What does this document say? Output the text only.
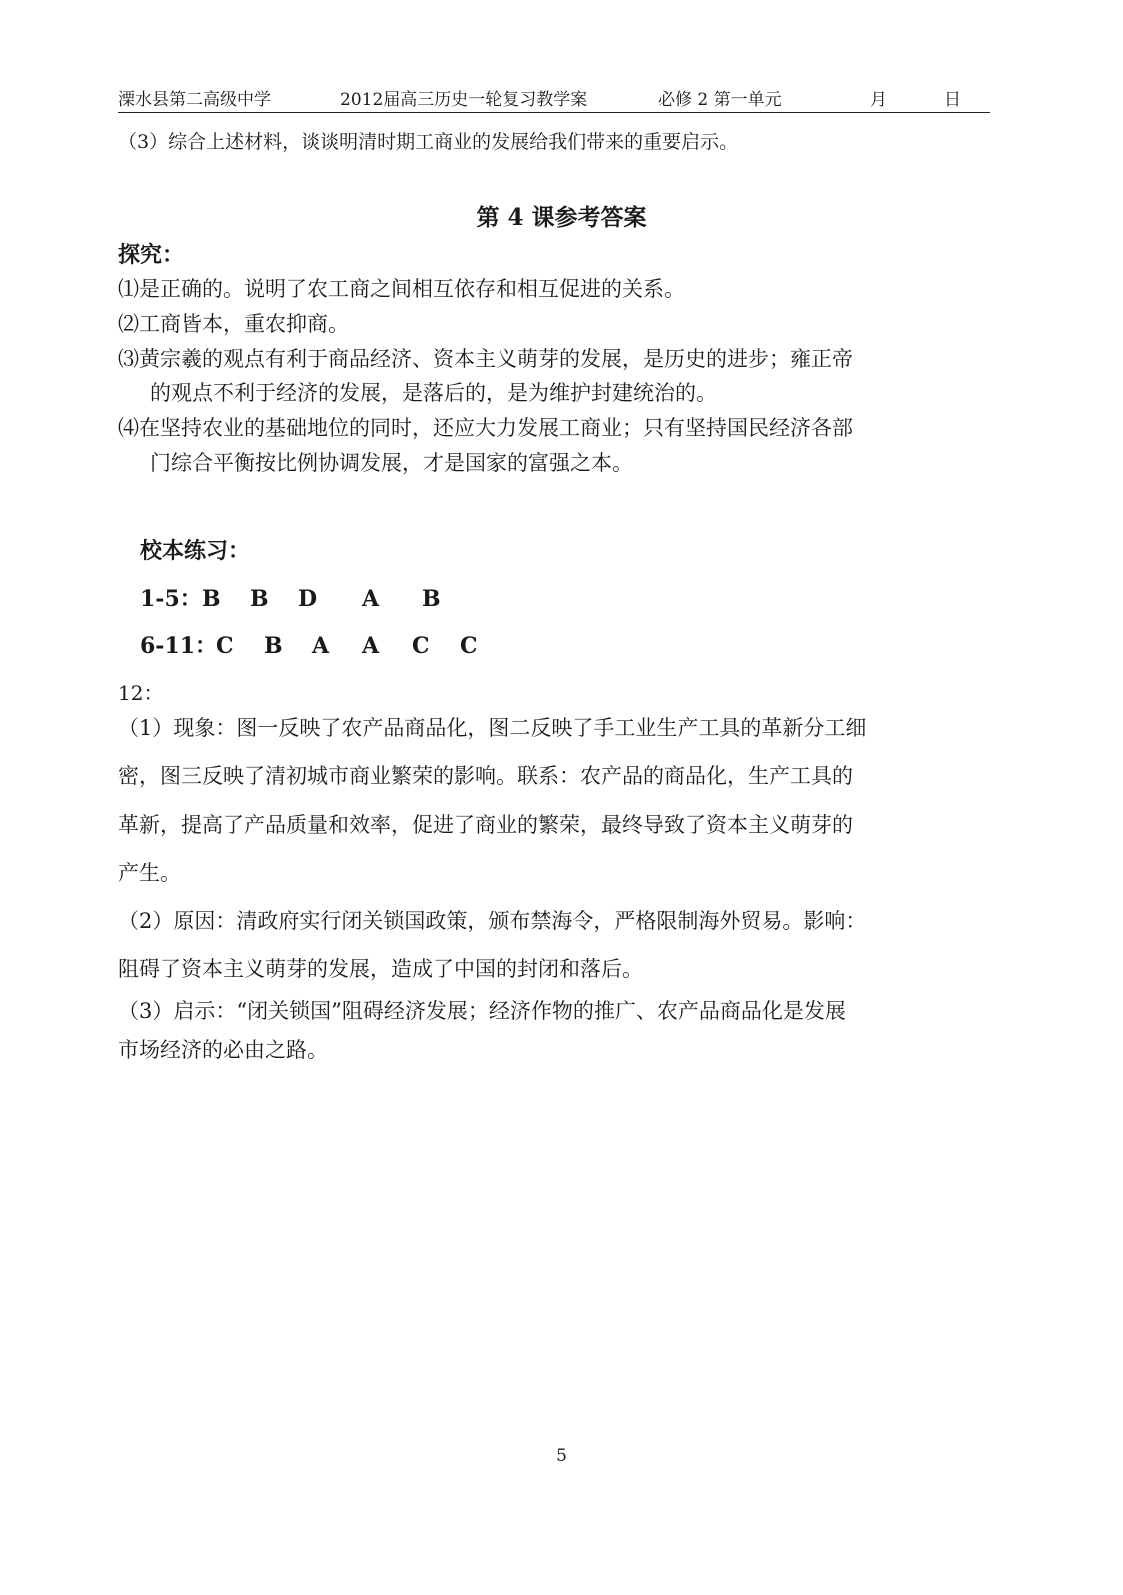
溧水县第二高级中学	2012届高三历史一轮复习教学案	必修 2 第一单元	月	日
（3）综合上述材料，谈谈明清时期工商业的发展给我们带来的重要启示。
第 4 课参考答案
探究：
⑴是正确的。说明了农工商之间相互依存和相互促进的关系。
⑵工商皆本，重农抑商。
⑶黄宗羲的观点有利于商品经济、资本主义萌芽的发展，是历史的进步；雍正帝
的观点不利于经济的发展，是落后的，是为维护封建统治的。
⑷在坚持农业的基础地位的同时，还应大力发展工商业；只有坚持国民经济各部
门综合平衡按比例协调发展，才是国家的富强之本。
校本练习：
1-5： B B D A B
6-11：
C B A A C C
12：
（1）现象：图一反映了农产品商品化，图二反映了手工业生产工具的革新分工细
密，图三反映了清初城市商业繁荣的影响。联系：农产品的商品化，生产工具的
革新，提高了产品质量和效率，促进了商业的繁荣，最终导致了资本主义萌芽的
产生。
（2）原因：清政府实行闭关锁国政策，颁布禁海令，严格限制海外贸易。影响：
阻碍了资本主义萌芽的发展，造成了中国的封闭和落后。
（3）启示：“闭关锁国”阻碍经济发展；经济作物的推广、农产品商品化是发展
市场经济的必由之路。
5
